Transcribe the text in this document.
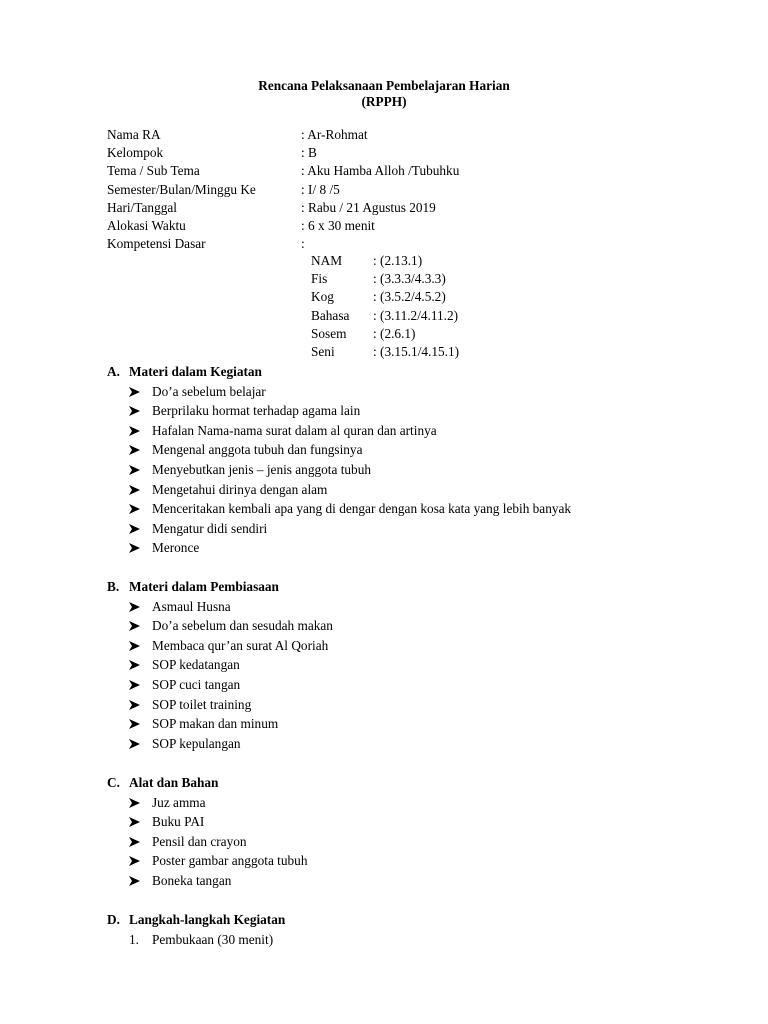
Rencana Pelaksanaan Pembelajaran Harian
(RPPH)
Nama RA	: Ar-Rohmat
Kelompok	: B
Tema / Sub Tema	: Aku Hamba Alloh /Tubuhku
Semester/Bulan/Minggu Ke	: I/ 8 /5
Hari/Tanggal	: Rabu / 21 Agustus 2019
Alokasi Waktu	: 6 x 30 menit
Kompetensi Dasar	:
NAM : (2.13.1)
Fis	: (3.3.3/4.3.3)
Kog	: (3.5.2/4.5.2)
Bahasa : (3.11.2/4.11.2)
Sosem : (2.6.1)
Seni	: (3.15.1/4.15.1)
A. Materi dalam Kegiatan
Do’a sebelum belajar
Berprilaku hormat terhadap agama lain
Hafalan Nama-nama surat dalam al quran dan artinya
Mengenal anggota tubuh dan fungsinya
Menyebutkan jenis – jenis anggota tubuh
Mengetahui dirinya dengan alam
Menceritakan kembali apa yang di dengar dengan kosa kata yang lebih banyak
Mengatur didi sendiri
Meronce
B. Materi dalam Pembiasaan
Asmaul Husna
Do’a sebelum dan sesudah makan
Membaca qur’an surat Al Qoriah
SOP kedatangan
SOP cuci tangan
SOP toilet training
SOP makan dan minum
SOP kepulangan
C. Alat dan Bahan
Juz amma
Buku PAI
Pensil dan crayon
Poster gambar anggota tubuh
Boneka tangan
D. Langkah-langkah Kegiatan
1. Pembukaan (30 menit)
